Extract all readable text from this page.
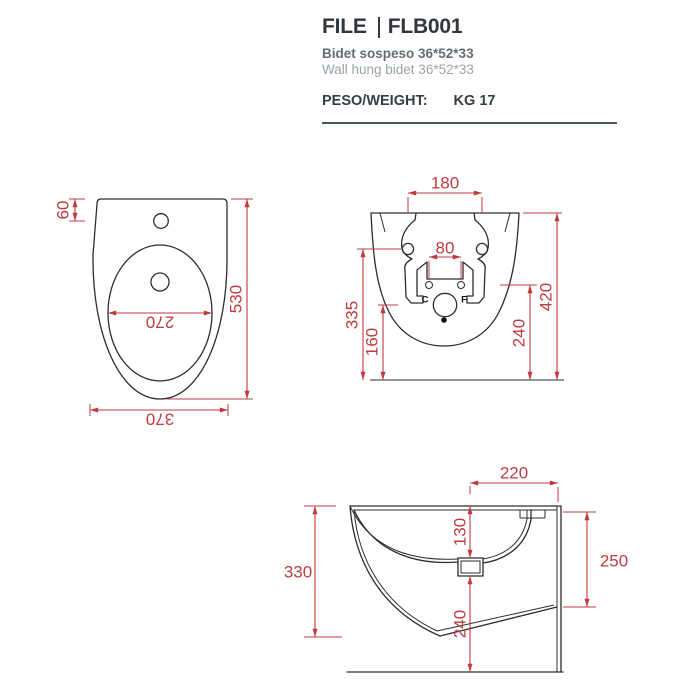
FILE FLB001
Bidet sospeso 36*52*33
Wall hung bidet 36*52*33
PESO/WEIGHT: KG 17
60
530
270
370
C	F
180
80
335
160	240
420
220
130
240
330
250
